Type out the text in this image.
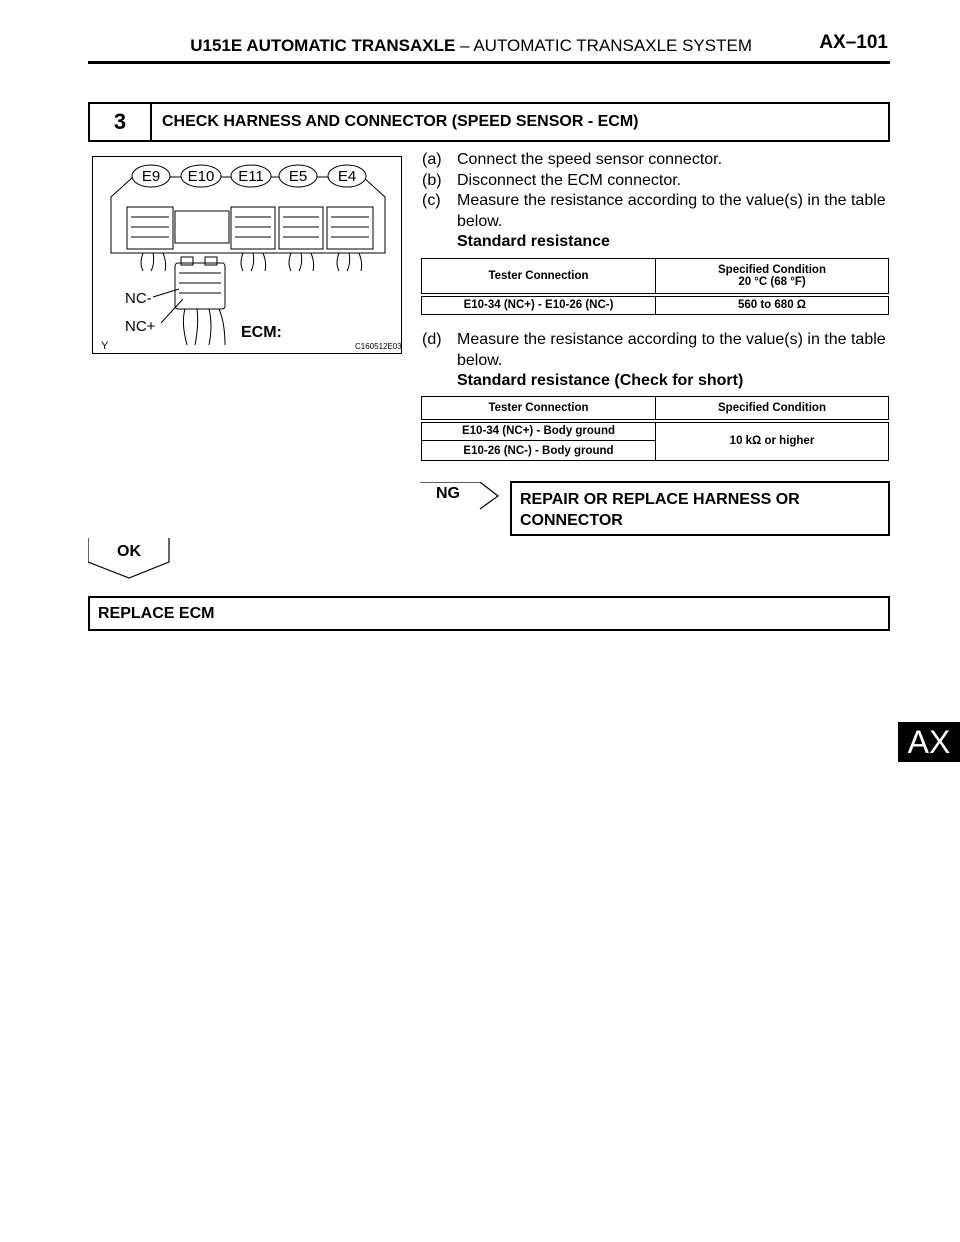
U151E AUTOMATIC TRANSAXLE – AUTOMATIC TRANSAXLE SYSTEM	AX–101
AX
3	CHECK HARNESS AND CONNECTOR (SPEED SENSOR - ECM)
E9 E10 E11 E5 E4
NC-
NC+	ECM:
Y	C160512E03
(a) Connect the speed sensor connector.
(b) Disconnect the ECM connector.
(c) Measure the resistance according to the value(s) in the table below.
Standard resistance
Tester Connection	Specified Condition
20 °C (68 °F)
E10-34 (NC+) - E10-26 (NC-)	560 to 680 Ω
(d) Measure the resistance according to the value(s) in the table below.
Standard resistance (Check for short)
Tester Connection	Specified Condition
E10-34 (NC+) - Body ground	10 kΩ or higher
E10-26 (NC-) - Body ground	
NG	REPAIR OR REPLACE HARNESS OR
CONNECTOR
OK
REPLACE ECM
